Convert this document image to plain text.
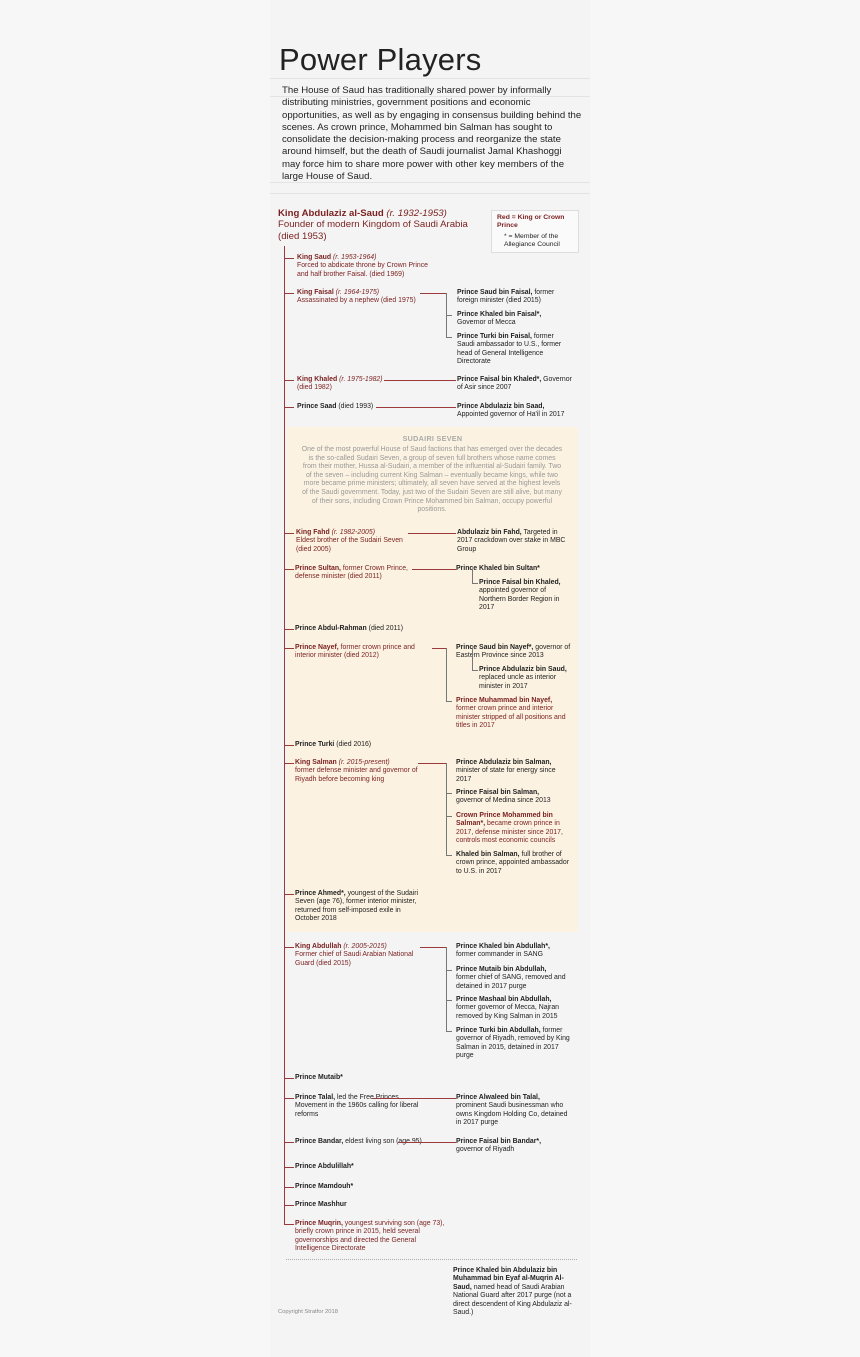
Power Players
The House of Saud has traditionally shared power by informally distributing ministries, government positions and economic opportunities, as well as by engaging in consensus building behind the scenes. As crown prince, Mohammed bin Salman has sought to consolidate the decision-making process and reorganize the state around himself, but the death of Saudi journalist Jamal Khashoggi may force him to share more power with other key members of the large House of Saud.
King Abdulaziz al-Saud (r. 1932-1953)
Founder of modern Kingdom of Saudi Arabia (died 1953)
Red = King or Crown Prince
* = Member of the Allegiance Council
SUDAIRI SEVEN
One of the most powerful House of Saud factions that has emerged over the decades is the so-called Sudairi Seven, a group of seven full brothers whose name comes from their mother, Hussa al-Sudairi, a member of the influential al-Sudairi family. Two of the seven – including current King Salman – eventually became kings, while two more became prime ministers; ultimately, all seven have served at the highest levels of the Saudi government. Today, just two of the Sudairi Seven are still alive, but many of their sons, including Crown Prince Mohammed bin Salman, occupy powerful positions.
King Saud (r. 1953-1964)
Forced to abdicate throne by Crown Prince and half brother Faisal. (died 1969)
King Faisal (r. 1964-1975)
Assassinated by a nephew (died 1975)
King Khaled (r. 1975-1982)
(died 1982)
Prince Saad (died 1993)
King Fahd (r. 1982-2005)
Eldest brother of the Sudairi Seven (died 2005)
Prince Sultan, former Crown Prince, defense minister (died 2011)
Prince Abdul-Rahman (died 2011)
Prince Nayef, former crown prince and interior minister (died 2012)
Prince Turki (died 2016)
King Salman (r. 2015-present)
former defense minister and governor of Riyadh before becoming king
Prince Ahmed*, youngest of the Sudairi Seven (age 76), former interior minister, returned from self-imposed exile in October 2018
King Abdullah (r. 2005-2015)
Former chief of Saudi Arabian National Guard (died 2015)
Prince Mutaib*
Prince Talal, led the Free Princes Movement in the 1960s calling for liberal reforms
Prince Bandar, eldest living son (age 95)
Prince Abdulillah*
Prince Mamdouh*
Prince Mashhur
Prince Muqrin, youngest surviving son (age 73), briefly crown prince in 2015, held several governorships and directed the General Intelligence Directorate
Prince Saud bin Faisal, former foreign minister (died 2015)
Prince Khaled bin Faisal*, Governor of Mecca
Prince Turki bin Faisal, former Saudi ambassador to U.S., former head of General Intelligence Directorate
Prince Faisal bin Khaled*, Governor of Asir since 2007
Prince Abdulaziz bin Saad, Appointed governor of Ha'il in 2017
Abdulaziz bin Fahd, Targeted in 2017 crackdown over stake in MBC Group
Prince Khaled bin Sultan*
Prince Faisal bin Khaled, appointed governor of Northern Border Region in 2017
Prince Saud bin Nayef*, governor of Eastern Province since 2013
Prince Abdulaziz bin Saud, replaced uncle as interior minister in 2017
Prince Muhammad bin Nayef, former crown prince and interior minister stripped of all positions and titles in 2017
Prince Abdulaziz bin Salman, minister of state for energy since 2017
Prince Faisal bin Salman, governor of Medina since 2013
Crown Prince Mohammed bin Salman*, became crown prince in 2017, defense minister since 2017, controls most economic councils
Khaled bin Salman, full brother of crown prince, appointed ambassador to U.S. in 2017
Prince Khaled bin Abdullah*, former commander in SANG
Prince Mutaib bin Abdullah, former chief of SANG, removed and detained in 2017 purge
Prince Mashaal bin Abdullah, former governor of Mecca, Najran removed by King Salman in 2015
Prince Turki bin Abdullah, former governor of Riyadh, removed by King Salman in 2015, detained in 2017 purge
Prince Alwaleed bin Talal, prominent Saudi businessman who owns Kingdom Holding Co, detained in 2017 purge
Prince Faisal bin Bandar*, governor of Riyadh
Prince Khaled bin Abdulaziz bin Muhammad bin Eyaf al-Muqrin Al-Saud, named head of Saudi Arabian National Guard after 2017 purge (not a direct descendent of King Abdulaziz al-Saud.)
Copyright Stratfor 2018
